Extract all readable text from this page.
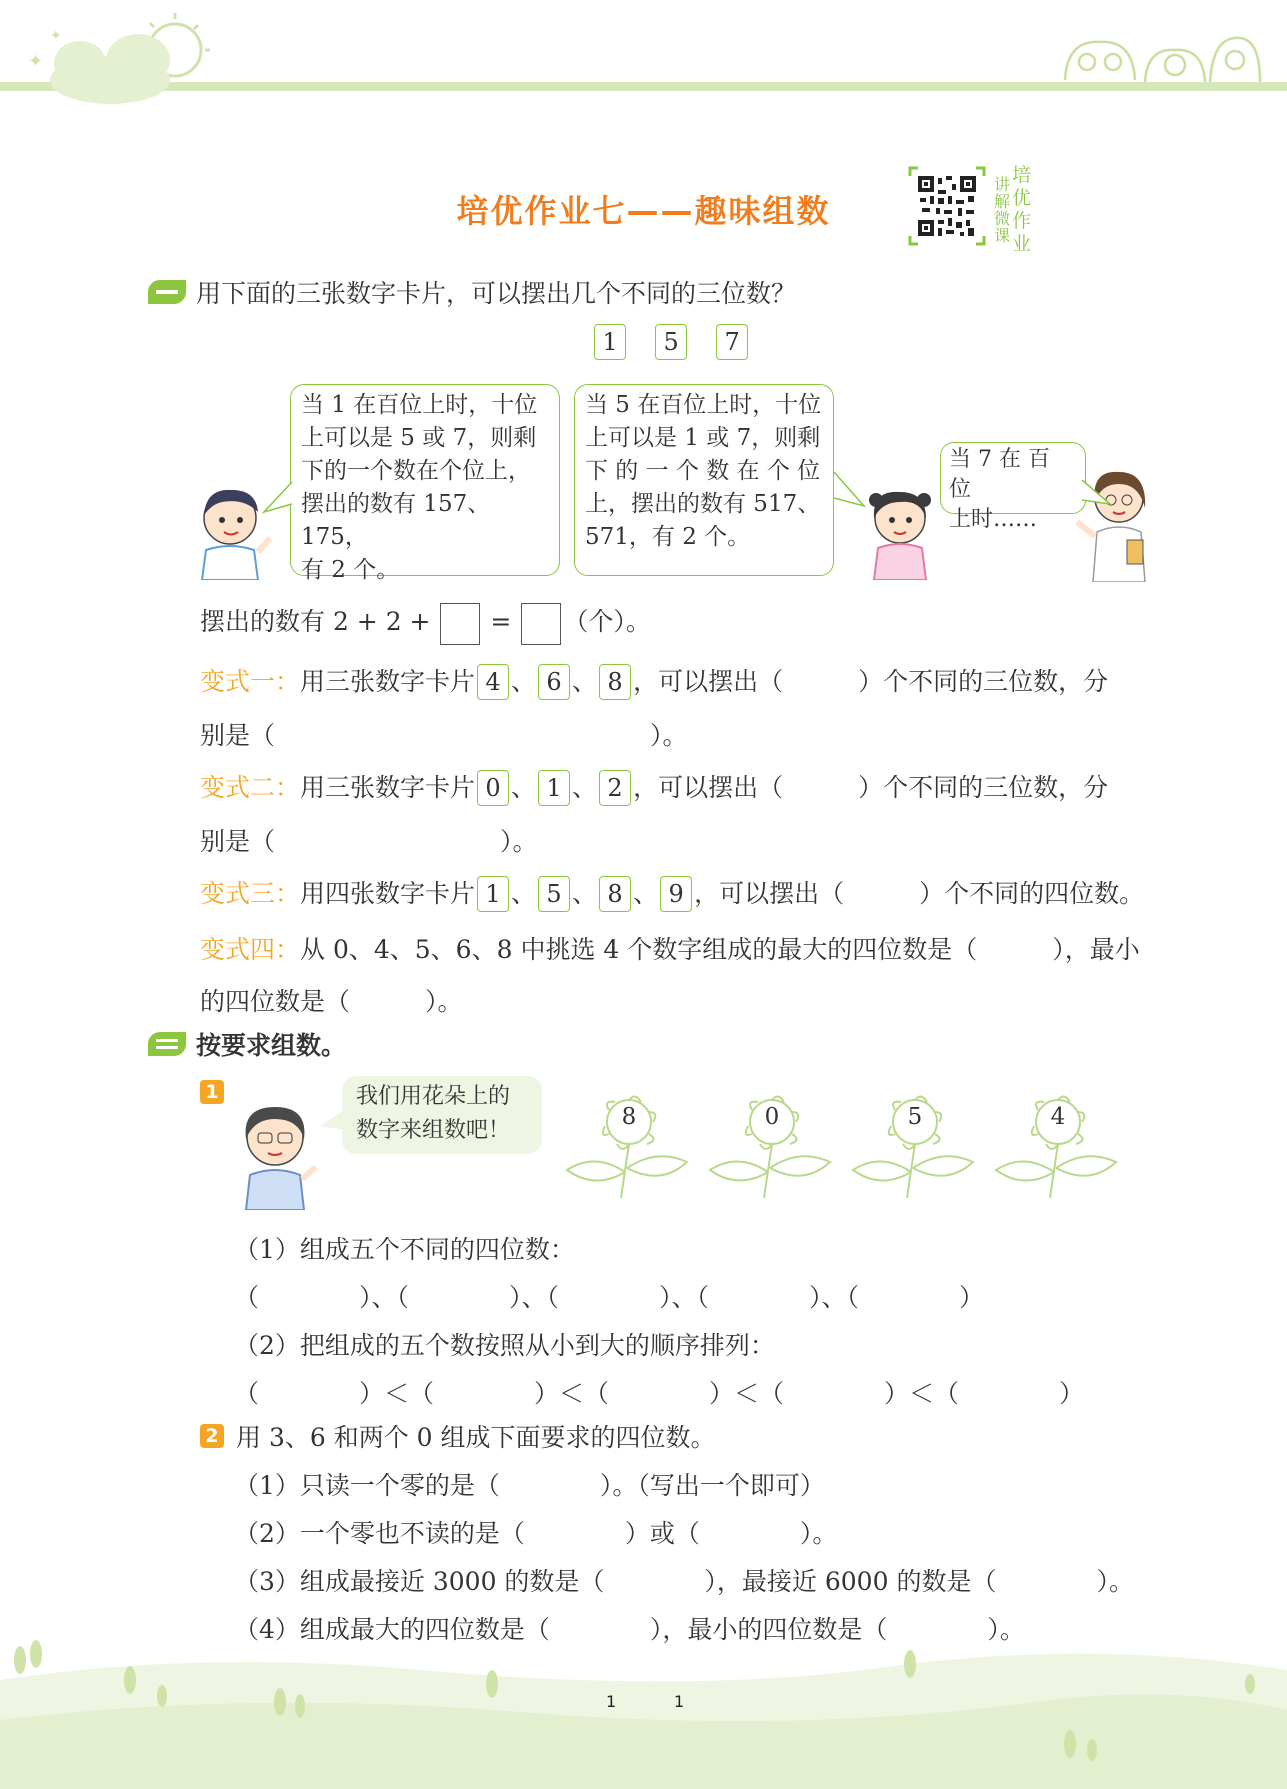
✦
✦
培优作业七——趣味组数
讲解微课
培优作业
用下面的三张数字卡片，可以摆出几个不同的三位数？
1 5 7
当 1 在百位上时，十位
上可以是 5 或 7，则剩
下的一个数在个位上，
摆出的数有 157、175，
有 2 个。
当 5 在百位上时，十位
上可以是 1 或 7，则剩
下 的 一 个 数 在 个 位
上，摆出的数有 517、
571，有 2 个。
当 7 在 百 位
上时……
摆出的数有 2 + 2 +  = （个）。
变式一：用三张数字卡片 4 、 6 、 8 ，可以摆出（　　　）个不同的三位数，分
别是（　　　　　　　　　　　　　　　）。
变式二：用三张数字卡片 0 、 1 、 2 ，可以摆出（　　　）个不同的三位数，分
别是（　　　　　　　　　）。
变式三：用四张数字卡片 1 、 5 、 8 、 9 ，可以摆出（　　　）个不同的四位数。
变式四：从 0、4、5、6、8 中挑选 4 个数字组成的最大的四位数是（　　　），最小
的四位数是（　　　）。
按要求组数。
1	我们用花朵上的
数字来组数吧！
8	0	5	4
（1）组成五个不同的四位数：
（　　　　）、（　　　　）、（　　　　）、（　　　　）、（　　　　）
（2）把组成的五个数按照从小到大的顺序排列：
（　　　　）＜（　　　　）＜（　　　　）＜（　　　　）＜（　　　　）
2 用 3、6 和两个 0 组成下面要求的四位数。
（1）只读一个零的是（　　　　）。（写出一个即可）
（2）一个零也不读的是（　　　　）或（　　　　）。
（3）组成最接近 3000 的数是（　　　　），最接近 6000 的数是（　　　　）。
（4）组成最大的四位数是（　　　　），最小的四位数是（　　　　）。
1	1
